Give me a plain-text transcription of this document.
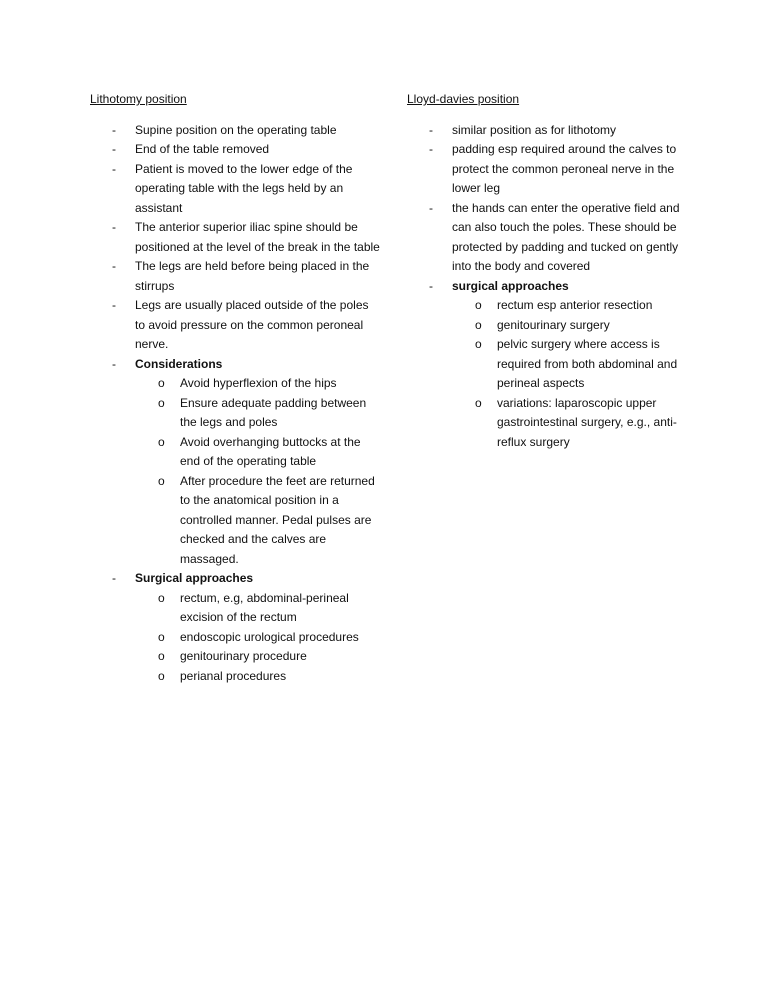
Lithotomy position
- Supine position on the operating table
- End of the table removed
- Patient is moved to the lower edge of the operating table with the legs held by an assistant
- The anterior superior iliac spine should be positioned at the level of the break in the table
- The legs are held before being placed in the stirrups
- Legs are usually placed outside of the poles to avoid pressure on the common peroneal nerve.
- Considerations
o Avoid hyperflexion of the hips
o Ensure adequate padding between the legs and poles
o Avoid overhanging buttocks at the end of the operating table
o After procedure the feet are returned to the anatomical position in a controlled manner. Pedal pulses are checked and the calves are massaged.
- Surgical approaches
o rectum, e.g, abdominal-perineal excision of the rectum
o endoscopic urological procedures
o genitourinary procedure
o perianal procedures
Lloyd-davies position
- similar position as for lithotomy
- padding esp required around the calves to protect the common peroneal nerve in the lower leg
- the hands can enter the operative field and can also touch the poles. These should be protected by padding and tucked on gently into the body and covered
- surgical approaches
o rectum esp anterior resection
o genitourinary surgery
o pelvic surgery where access is required from both abdominal and perineal aspects
o variations: laparoscopic upper gastrointestinal surgery, e.g., anti-reflux surgery
